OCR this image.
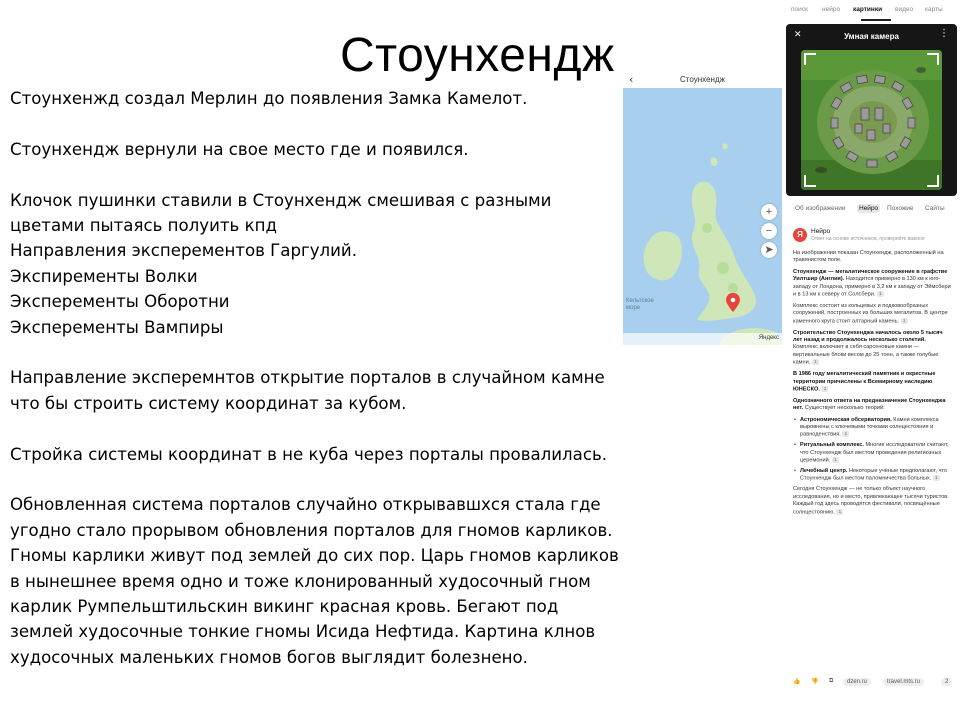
Стоунхендж

Стоунхенжд создал Мерлин до появления Замка Камелот.

Стоунхендж вернули на свое место где и появился.

Клочок пушинки ставили в Стоунхендж смешивая с разными цветами пытаясь полуить кпд

Направления эксперементов Гаргулий.

Экспиременты Волки

Эксперементы Оборотни

Эксперементы Вампиры

Направление эксперемнтов открытие порталов в случайном камне что бы строить систему координат за кубом.

Стройка системы координат в не куба через порталы провалилась.

Обновленная система порталов случайно открывавшхся стала где угодно стало прорывом обновления порталов для гномов карликов. Гномы карлики живут под землей до сих пор. Царь гномов карликов в нынешнее время одно и тоже клонированный худосочный гном карлик Румпельштильскин викинг красная кровь. Бегают под землей худосочные тонкие гномы Исида Нефтида. Картина клнов худосочных маленьких гномов богов выглядит болезнено.

‹	Стоунхендж
+
−
➤
Кельтское море
Яндекс
поиск нейро картинки видео карты
✕	Умная камера	⋮
Об изображении	Нейро	Похожие	Сайты
Я	Нейро
Ответ на основе источников, проверяйте важное

На изображении показан Стоунхендж, расположенный на травянистом поле.

Стоунхендж — мегалитическое сооружение в графстве Уилтшир (Англия). Находится примерно в 130 км к юго-западу от Лондона, примерно в 3,2 км к западу от Эймсбери и в 13 км к северу от Солсбери. 1

Комплекс состоит из кольцевых и подковообразных сооружений, построенных из больших мегалитов. В центре каменного круга стоит алтарный камень. 1

Строительство Стоунхенджа началось около 5 тысяч лет назад и продолжалось несколько столетий. Комплекс включает в себя сарсеновые камни — вертикальные блоки весом до 25 тонн, а также голубые камни. 1

В 1986 году мегалитический памятник и окрестные территории причислены к Всемирному наследию ЮНЕСКО. 1

Однозначного ответа на предназначение Стоунхенджа нет. Существует несколько теорий:

• Астрономическая обсерватория. Камни комплекса выровнены с ключевыми точками солнцестояния и равноденствия. 1

• Ритуальный комплекс. Многие исследователи считают, что Стоунхендж был местом проведения религиозных церемоний. 1

• Лечебный центр. Некоторые учёные предполагают, что Стоунхендж был местом паломничества больных. 1

Сегодня Стоунхендж — не только объект научного исследования, но и место, привлекающее тысячи туристов. Каждый год здесь проводятся фестивали, посвящённые солнцестоянию. 1

👍 👎 ⧉	dzen.ru	travel.mts.ru	2
